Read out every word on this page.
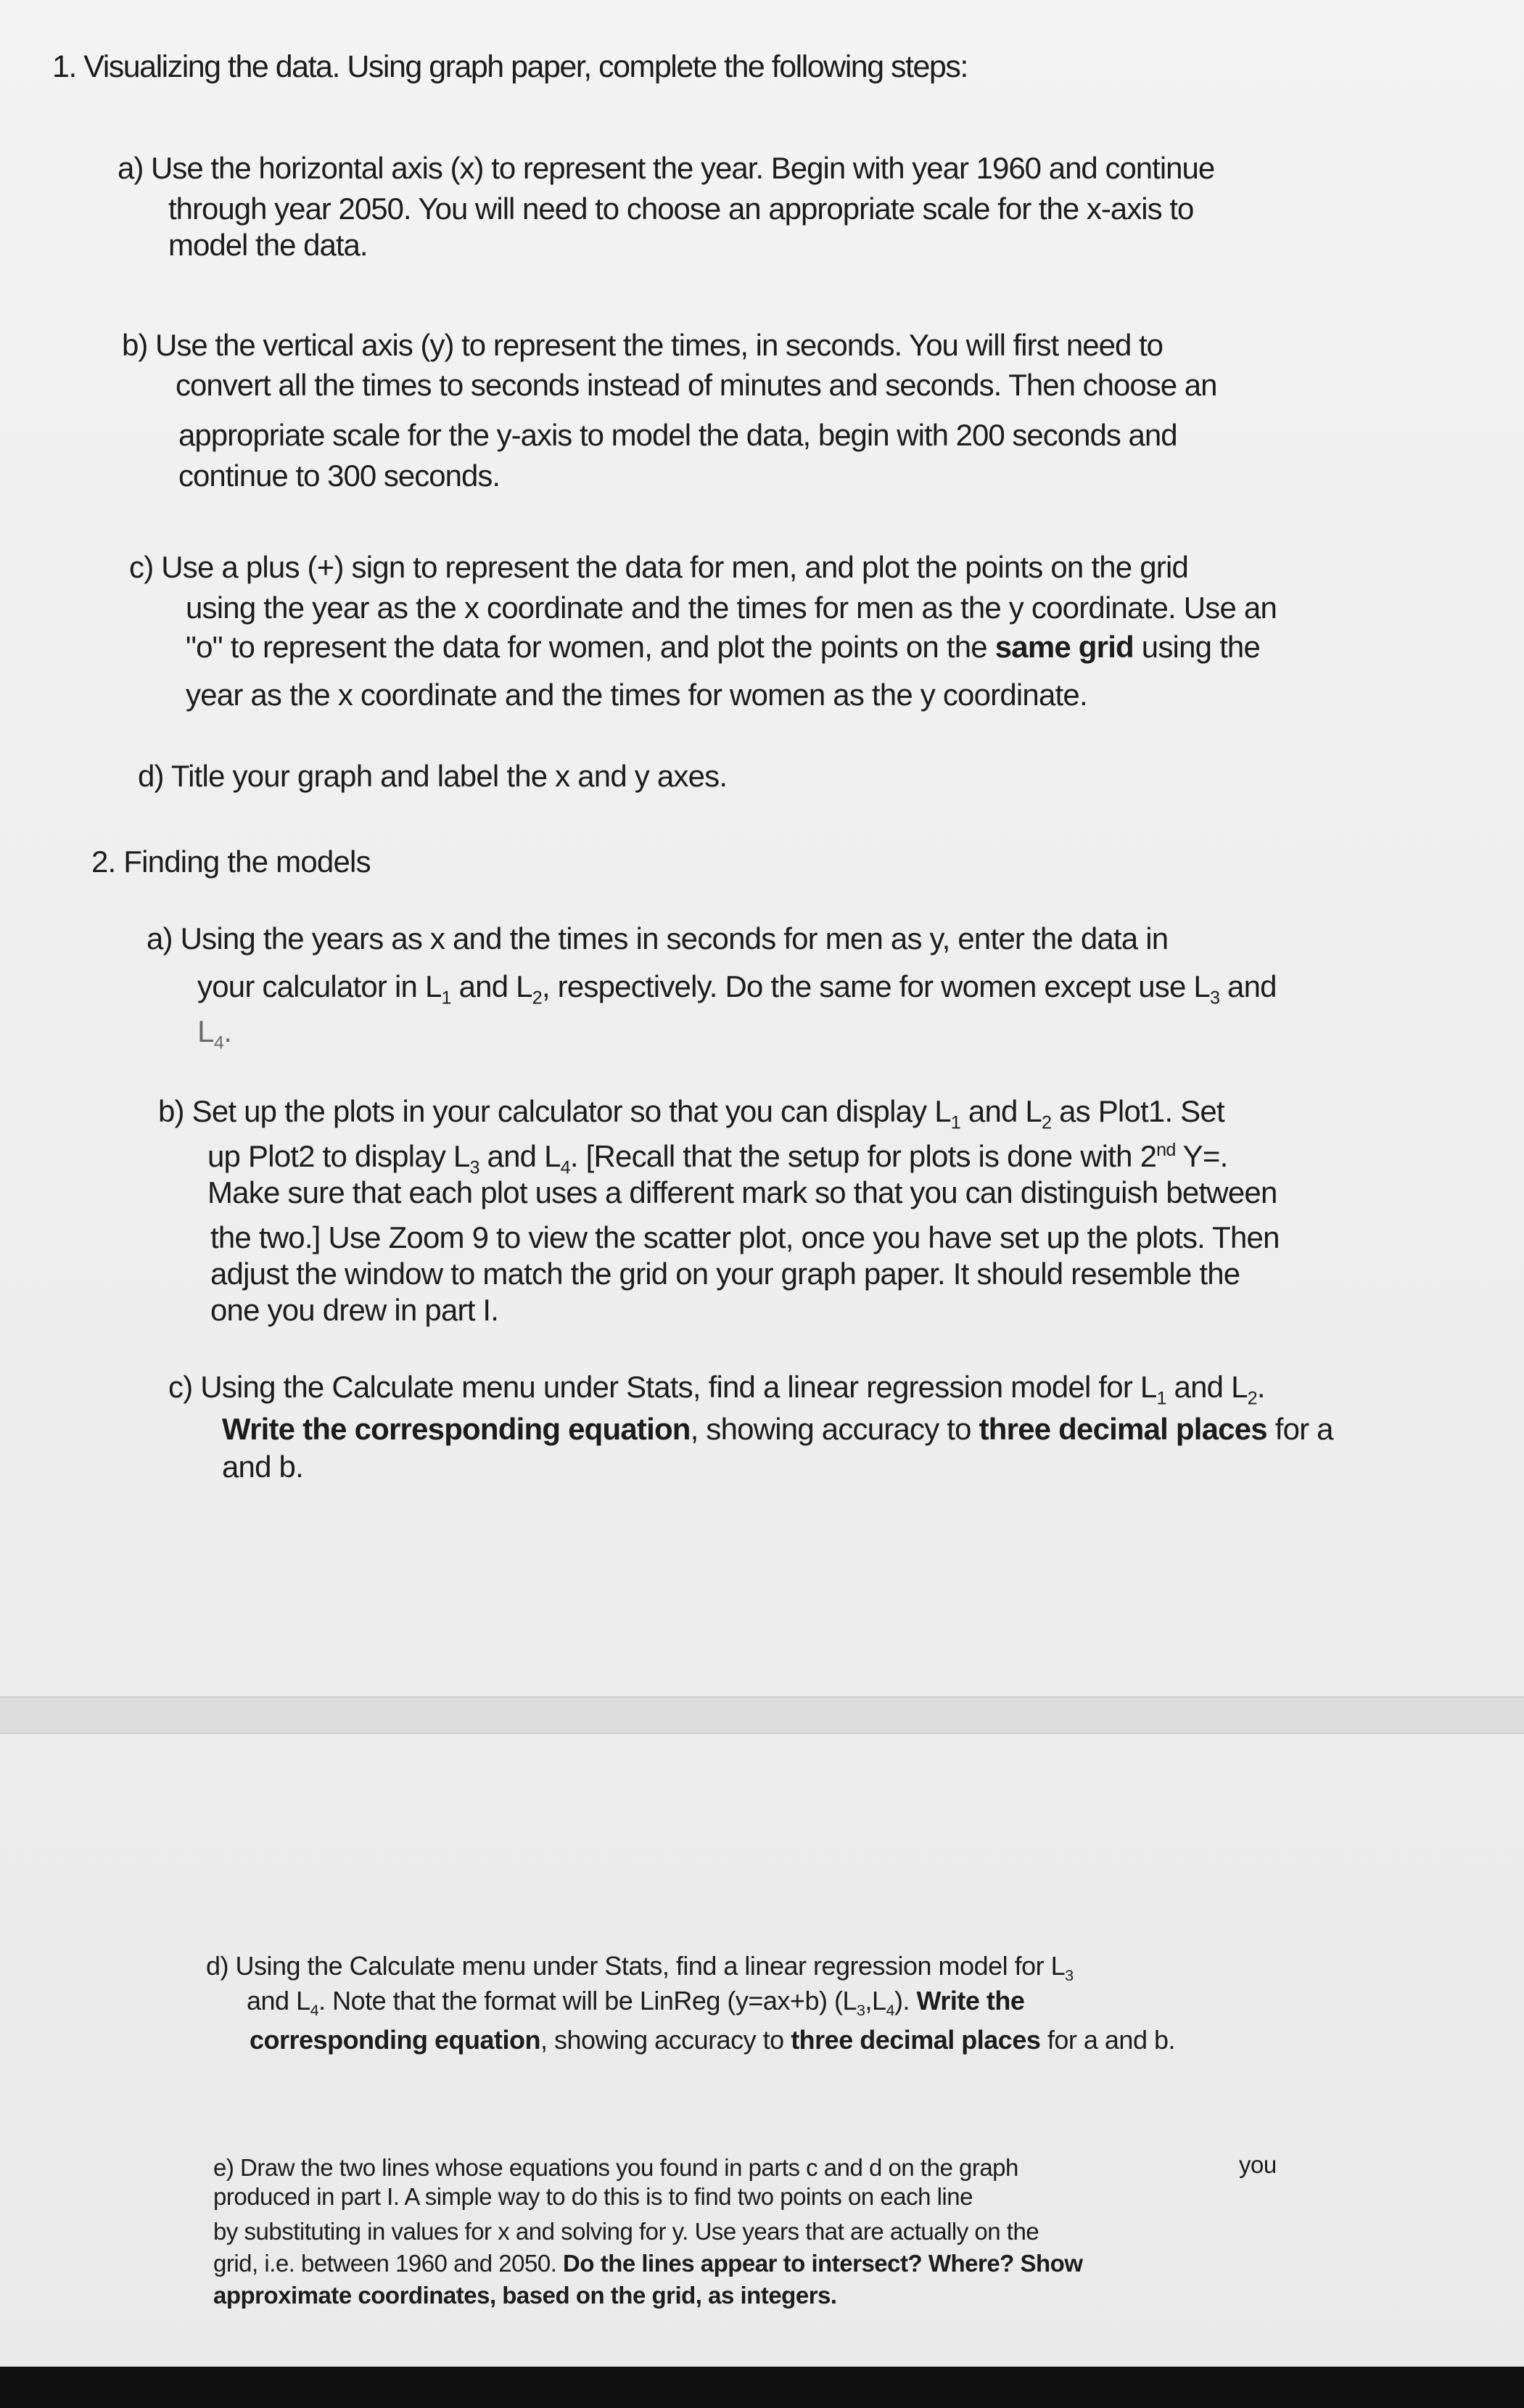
1. Visualizing the data. Using graph paper, complete the following steps:
a) Use the horizontal axis (x) to represent the year. Begin with year 1960 and continue
through year 2050. You will need to choose an appropriate scale for the x-axis to
model the data.
b) Use the vertical axis (y) to represent the times, in seconds. You will first need to
convert all the times to seconds instead of minutes and seconds. Then choose an
appropriate scale for the y-axis to model the data, begin with 200 seconds and
continue to 300 seconds.
c) Use a plus (+) sign to represent the data for men, and plot the points on the grid
using the year as the x coordinate and the times for men as the y coordinate. Use an
"o" to represent the data for women, and plot the points on the same grid using the
year as the x coordinate and the times for women as the y coordinate.
d) Title your graph and label the x and y axes.
2. Finding the models
a) Using the years as x and the times in seconds for men as y, enter the data in
your calculator in $L_1$ and $L_2$, respectively. Do the same for women except use $L_3$ and
$L_4$.
b) Set up the plots in your calculator so that you can display $L_1$ and $L_2$ as Plot1. Set
up Plot2 to display $L_3$ and $L_4$. [Recall that the setup for plots is done with 2nd Y=.
Make sure that each plot uses a different mark so that you can distinguish between
the two.] Use Zoom 9 to view the scatter plot, once you have set up the plots. Then
adjust the window to match the grid on your graph paper. It should resemble the
one you drew in part I.
c) Using the Calculate menu under Stats, find a linear regression model for $L_1$ and $L_2$.
Write the corresponding equation, showing accuracy to three decimal places for a
and b.
d) Using the Calculate menu under Stats, find a linear regression model for $L_3$
and $L_4$. Note that the format will be LinReg (y=ax+b) $(L_3,L_4)$. Write the
corresponding equation, showing accuracy to three decimal places for a and b.
e) Draw the two lines whose equations you found in parts c and d on the graph	you
produced in part I. A simple way to do this is to find two points on each line
by substituting in values for x and solving for y. Use years that are actually on the
grid, i.e. between 1960 and 2050. Do the lines appear to intersect? Where? Show
approximate coordinates, based on the grid, as integers.
